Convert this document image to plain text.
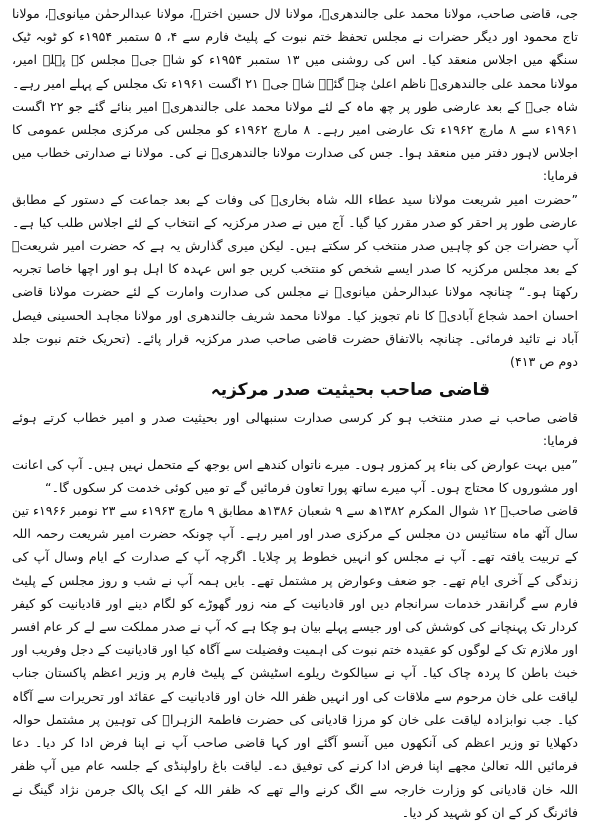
جی، قاضی صاحب، مولانا محمد علی جالندھریؒ، مولانا لال حسین اخترؒ، مولانا عبدالرحمٰن میانویؒ، مولانا تاج محمود اور دیگر حضرات نے مجلس تحفظ ختم نبوت کے پلیٹ فارم سے ۴، ۵ ستمبر ۱۹۵۴ء کو ٹوبہ ٹیک سنگھ میں اجلاس منعقد کیا۔ اس کی روشنی میں ۱۳ ستمبر ۱۹۵۴ء کو شاہ جیؒ مجلس کے پہلے امیر، مولانا محمد علی جالندھریؒ ناظم اعلیٰ چنے گئے۔ شاہ جیؒ ۲۱ اگست ۱۹۶۱ء تک مجلس کے پہلے امیر رہے۔ شاہ جیؒ کے بعد عارضی طور پر چھ ماہ کے لئے مولانا محمد علی جالندھریؒ امیر بنائے گئے جو ۲۲ اگست ۱۹۶۱ء سے ۸ مارچ ۱۹۶۲ء تک عارضی امیر رہے۔ ۸ مارچ ۱۹۶۲ء کو مجلس کی مرکزی مجلس عمومی کا اجلاس لاہور دفتر میں منعقد ہوا۔ جس کی صدارت مولانا جالندھریؒ نے کی۔ مولانا نے صدارتی خطاب میں فرمایا:

”حضرت امیر شریعت مولانا سید عطاء اللہ شاہ بخاریؒ کی وفات کے بعد جماعت کے دستور کے مطابق عارضی طور پر احقر کو صدر مقرر کیا گیا۔ آج میں نے صدر مرکزیہ کے انتخاب کے لئے اجلاس طلب کیا ہے۔ آپ حضرات جن کو چاہیں صدر منتخب کر سکتے ہیں۔ لیکن میری گذارش یہ ہے کہ حضرت امیر شریعتؒ کے بعد مجلس مرکزیہ کا صدر ایسے شخص کو منتخب کریں جو اس عہدہ کا اہل ہو اور اچھا خاصا تجربہ رکھتا ہو۔“ چنانچہ مولانا عبدالرحمٰن میانویؒ نے مجلس کی صدارت وامارت کے لئے حضرت مولانا قاضی احسان احمد شجاع آبادیؒ کا نام تجویز کیا۔ مولانا محمد شریف جالندھری اور مولانا مجاہد الحسینی فیصل آباد نے تائید فرمائی۔ چنانچہ بالاتفاق حضرت قاضی صاحب صدر مرکزیہ قرار پائے۔ (تحریک ختم نبوت جلد دوم ص ۴۱۳)

قاضی صاحب بحیثیت صدر مرکزیہ

قاضی صاحب نے صدر منتخب ہو کر کرسی صدارت سنبھالی اور بحیثیت صدر و امیر خطاب کرتے ہوئے فرمایا:

”میں بہت عوارض کی بناء پر کمزور ہوں۔ میرے ناتواں کندھے اس بوجھ کے متحمل نہیں ہیں۔ آپ کی اعانت اور مشوروں کا محتاج ہوں۔ آپ میرے ساتھ پورا تعاون فرمائیں گے تو میں کوئی خدمت کر سکوں گا۔“

قاضی صاحبؒ ۱۲ شوال المکرم ۱۳۸۲ھ سے ۹ شعبان ۱۳۸۶ھ مطابق ۹ مارچ ۱۹۶۳ء سے ۲۳ نومبر ۱۹۶۶ء تین سال آٹھ ماہ ستائیس دن مجلس کے مرکزی صدر اور امیر رہے۔ آپ چونکہ حضرت امیر شریعت رحمہ اللہ کے تربیت یافتہ تھے۔ آپ نے مجلس کو انہیں خطوط پر چلایا۔ اگرچہ آپ کے صدارت کے ایام وسال آپ کی زندگی کے آخری ایام تھے۔ جو ضعف وعوارض پر مشتمل تھے۔ بایں ہمہ آپ نے شب و روز مجلس کے پلیٹ فارم سے گرانقدر خدمات سرانجام دیں اور قادیانیت کے منہ زور گھوڑے کو لگام دینے اور قادیانیت کو کیفر کردار تک پہنچانے کی کوشش کی اور جیسے پہلے بیان ہو چکا ہے کہ آپ نے صدر مملکت سے لے کر عام افسر اور ملازم تک کے لوگوں کو عقیدہ ختم نبوت کی اہمیت وفضیلت سے آگاہ کیا اور قادیانیت کے دجل وفریب اور خبث باطن کا پردہ چاک کیا۔ آپ نے سیالکوٹ ریلوے اسٹیشن کے پلیٹ فارم پر وزیر اعظم پاکستان جناب لیاقت علی خان مرحوم سے ملاقات کی اور انہیں ظفر اللہ خان اور قادیانیت کے عقائد اور تحریرات سے آگاہ کیا۔ جب نوابزادہ لیاقت علی خان کو مرزا قادیانی کی حضرت فاطمۃ الزہراؓ کی توہین پر مشتمل حوالہ دکھلایا تو وزیر اعظم کی آنکھوں میں آنسو آگئے اور کہا قاضی صاحب آپ نے اپنا فرض ادا کر دیا۔ دعا فرمائیں اللہ تعالیٰ مجھے اپنا فرض ادا کرنے کی توفیق دے۔ لیاقت باغ راولپنڈی کے جلسہ عام میں آپ ظفر اللہ خان قادیانی کو وزارت خارجہ سے الگ کرنے والے تھے کہ ظفر اللہ کے ایک پالک جرمن نژاد گینگ نے فائرنگ کر کے ان کو شہید کر دیا۔
